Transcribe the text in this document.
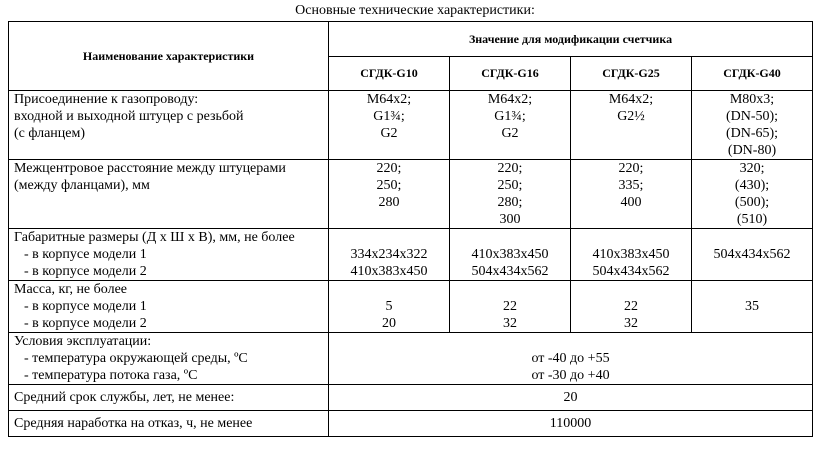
Основные технические характеристики:
Наименование характеристики	Значение для модификации счетчика			
	СГДК-G10	СГДК-G16	СГДК-G25	СГДК-G40

Присоединение к газопроводу:
входной и выходной штуцер с резьбой
(с фланцем)	М64х2;
G1¾;
G2	М64х2;
G1¾;
G2	М64х2;
G2½	М80х3;
(DN-50);
(DN-65);
(DN-80)

Межцентровое расстояние между штуцерами
(между фланцами), мм	220;
250;
280	220;
250;
280;
300	220;
335;
400	320;
(430);
(500);
(510)

Габаритные размеры (Д х Ш х В), мм, не более
- в корпусе модели 1
- в корпусе модели 2	334х234х322
410х383х450	410х383х450
504х434х562	410х383х450
504х434х562	504х434х562

Масса, кг, не более
- в корпусе модели 1
- в корпусе модели 2	5
20	22
32	22
32	35

Условия эксплуатации:
- температура окружающей среды, ºС
- температура потока газа, ºС	от -40 до +55
от -30 до +40			

Средний срок службы, лет, не менее:	20			
Средняя наработка на отказ, ч, не менее	110000			
